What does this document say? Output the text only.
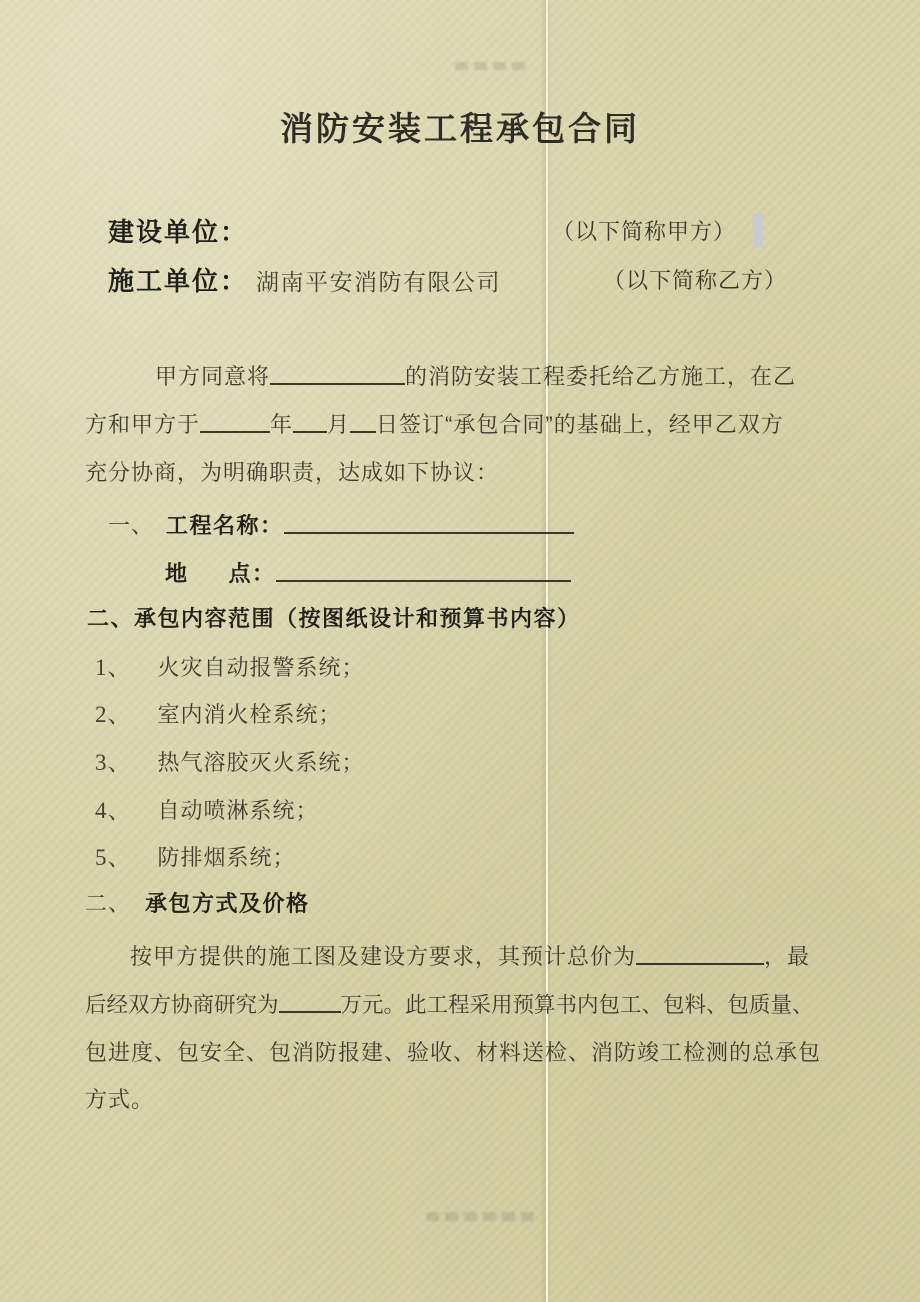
消防安装工程承包合同
建设单位：	（以下简称甲方）
施工单位： 湖南平安消防有限公司	（以下简称乙方）
甲方同意将	的消防安装工程委托给乙方施工，在乙
方和甲方于	年 月 日签订“承包合同”的基础上，经甲乙双方
充分协商，为明确职责，达成如下协议：
一、 工程名称：
地 点：
二、承包内容范围（按图纸设计和预算书内容）
1、 火灾自动报警系统；
2、 室内消火栓系统；
3、 热气溶胶灭火系统；
4、 自动喷淋系统；
5、 防排烟系统；
二、 承包方式及价格
按甲方提供的施工图及建设方要求，其预计总价为	，最
后经双方协商研究为	万元。此工程采用预算书内包工、包料、包质量、
包进度、包安全、包消防报建、验收、材料送检、消防竣工检测的总承包
方式。
